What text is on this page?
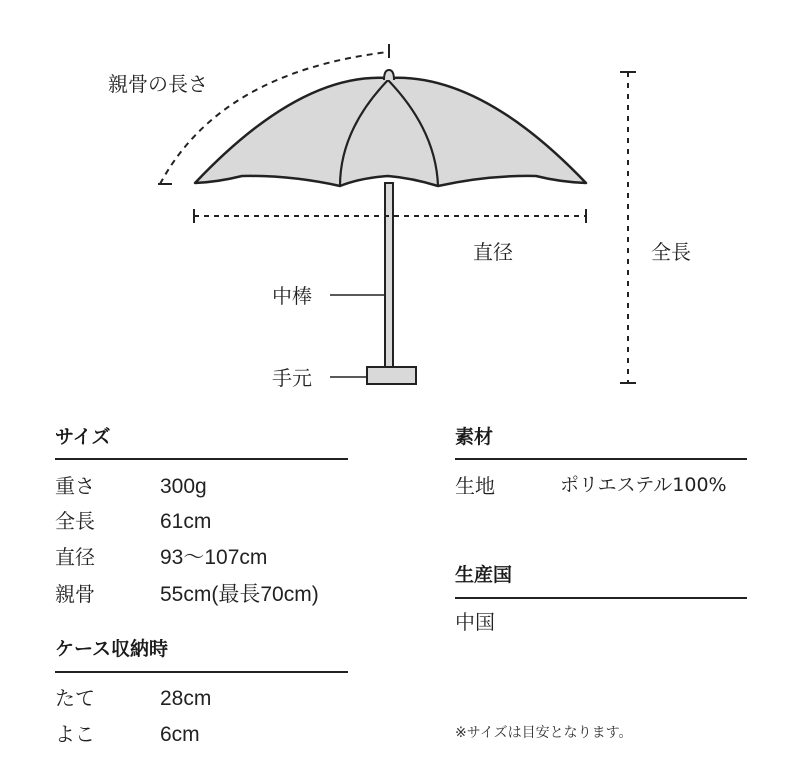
親骨の長さ
直径	全長
中棒
手元
サイズ
重さ	300g
全長	61cm
直径	93〜107cm
親骨	55cm(最長70cm)
ケース収納時
たて	28cm
よこ	6cm
素材
生地	ポリエステル100%
生産国
中国
※サイズは目安となります。
